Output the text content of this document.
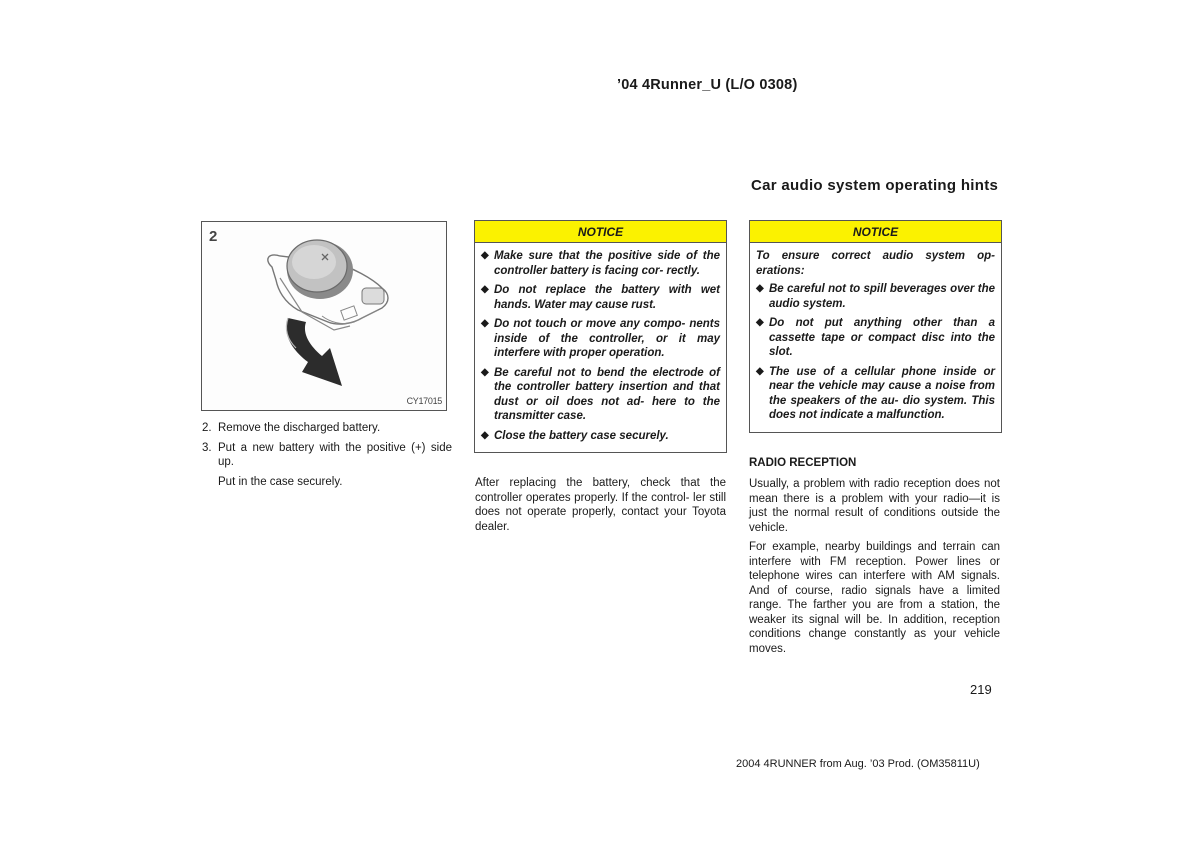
’04 4Runner_U (L/O 0308)
2
CY17015
2. Remove the discharged battery.
3. Put a new battery with the positive (+) side up.
Put in the case securely.
NOTICE
◆ Make sure that the positive side of the controller battery is facing cor- rectly.
◆ Do not replace the battery with wet hands. Water may cause rust.
◆ Do not touch or move any compo- nents inside of the controller, or it may interfere with proper operation.
◆ Be careful not to bend the electrode of the controller battery insertion and that dust or oil does not ad- here to the transmitter case.
◆ Close the battery case securely.
After replacing the battery, check that the controller operates properly. If the control- ler still does not operate properly, contact your Toyota dealer.
Car audio system operating hints
NOTICE
To ensure correct audio system op- erations:
◆ Be careful not to spill beverages over the audio system.
◆ Do not put anything other than a cassette tape or compact disc into the slot.
◆ The use of a cellular phone inside or near the vehicle may cause a noise from the speakers of the au- dio system. This does not indicate a malfunction.
RADIO RECEPTION
Usually, a problem with radio reception does not mean there is a problem with your radio—it is just the normal result of conditions outside the vehicle.
For example, nearby buildings and terrain can interfere with FM reception. Power lines or telephone wires can interfere with AM signals. And of course, radio signals have a limited range. The farther you are from a station, the weaker its signal will be. In addition, reception conditions change constantly as your vehicle moves.
219
2004 4RUNNER from Aug. ’03 Prod. (OM35811U)
